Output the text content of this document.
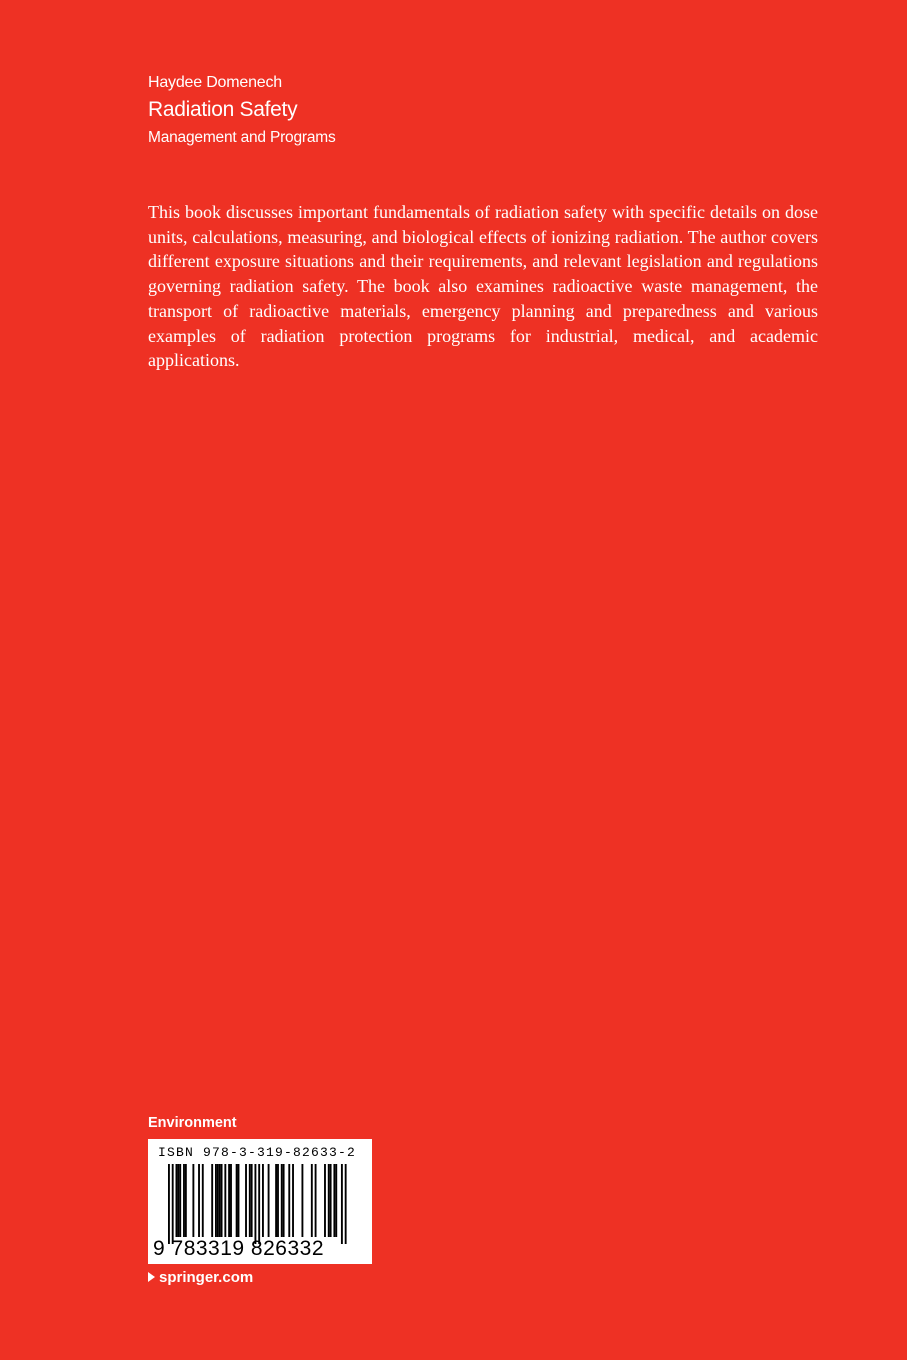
Haydee Domenech
Radiation Safety
Management and Programs

This book discusses important fundamentals of radiation safety with specific details on dose units, calculations, measuring, and biological effects of ionizing radiation. The author covers different exposure situations and their requirements, and relevant legislation and regulations governing radiation safety. The book also examines radioactive waste management, the transport of radioactive materials, emergency planning and preparedness and various examples of radiation protection programs for industrial, medical, and academic applications.

Environment
ISBN 978-3-319-82633-2
9 783319 826332
springer.com
